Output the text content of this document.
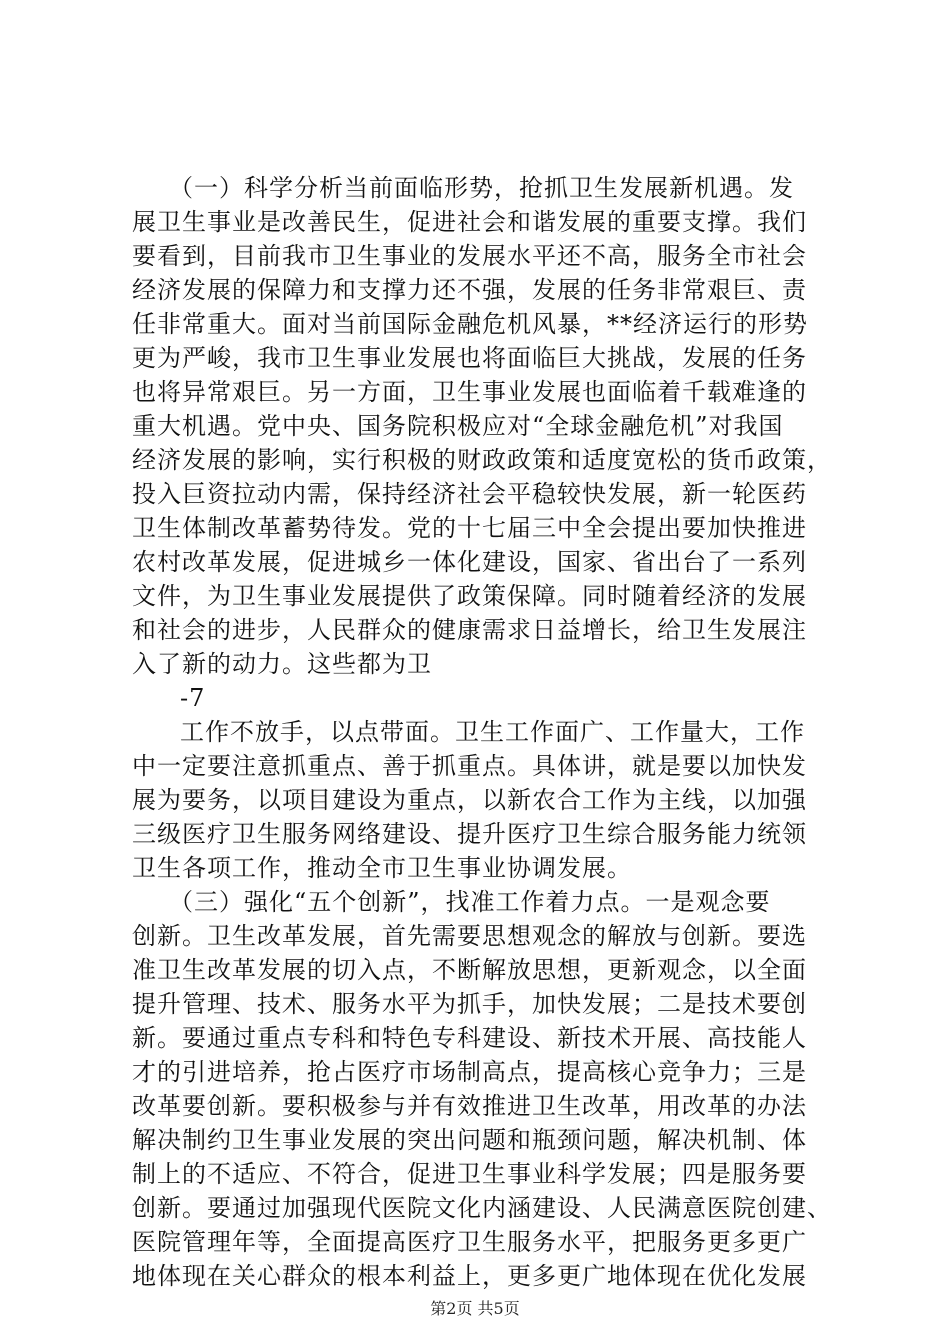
　（一）科学分析当前面临形势，抢抓卫生发展新机遇。发
展卫生事业是改善民生，促进社会和谐发展的重要支撑。我们
要看到，目前我市卫生事业的发展水平还不高，服务全市社会
经济发展的保障力和支撑力还不强，发展的任务非常艰巨、责
任非常重大。面对当前国际金融危机风暴，**经济运行的形势
更为严峻，我市卫生事业发展也将面临巨大挑战，发展的任务
也将异常艰巨。另一方面，卫生事业发展也面临着千载难逢的
重大机遇。党中央、国务院积极应对“全球金融危机”对我国
经济发展的影响，实行积极的财政政策和适度宽松的货币政策，
投入巨资拉动内需，保持经济社会平稳较快发展，新一轮医药
卫生体制改革蓄势待发。党的十七届三中全会提出要加快推进
农村改革发展，促进城乡一体化建设，国家、省出台了一系列
文件，为卫生事业发展提供了政策保障。同时随着经济的发展
和社会的进步，人民群众的健康需求日益增长，给卫生发展注
入了新的动力。这些都为卫
-7
工作不放手，以点带面。卫生工作面广、工作量大，工作
中一定要注意抓重点、善于抓重点。具体讲，就是要以加快发
展为要务，以项目建设为重点，以新农合工作为主线，以加强
三级医疗卫生服务网络建设、提升医疗卫生综合服务能力统领
卫生各项工作，推动全市卫生事业协调发展。
　（三）强化“五个创新”，找准工作着力点。一是观念要
创新。卫生改革发展，首先需要思想观念的解放与创新。要选
准卫生改革发展的切入点，不断解放思想，更新观念，以全面
提升管理、技术、服务水平为抓手，加快发展；二是技术要创
新。要通过重点专科和特色专科建设、新技术开展、高技能人
才的引进培养，抢占医疗市场制高点，提高核心竞争力；三是
改革要创新。要积极参与并有效推进卫生改革，用改革的办法
解决制约卫生事业发展的突出问题和瓶颈问题，解决机制、体
制上的不适应、不符合，促进卫生事业科学发展；四是服务要
创新。要通过加强现代医院文化内涵建设、人民满意医院创建、
医院管理年等，全面提高医疗卫生服务水平，把服务更多更广
第2页 共5页
地体现在关心群众的根本利益上，更多更广地体现在优化发展
